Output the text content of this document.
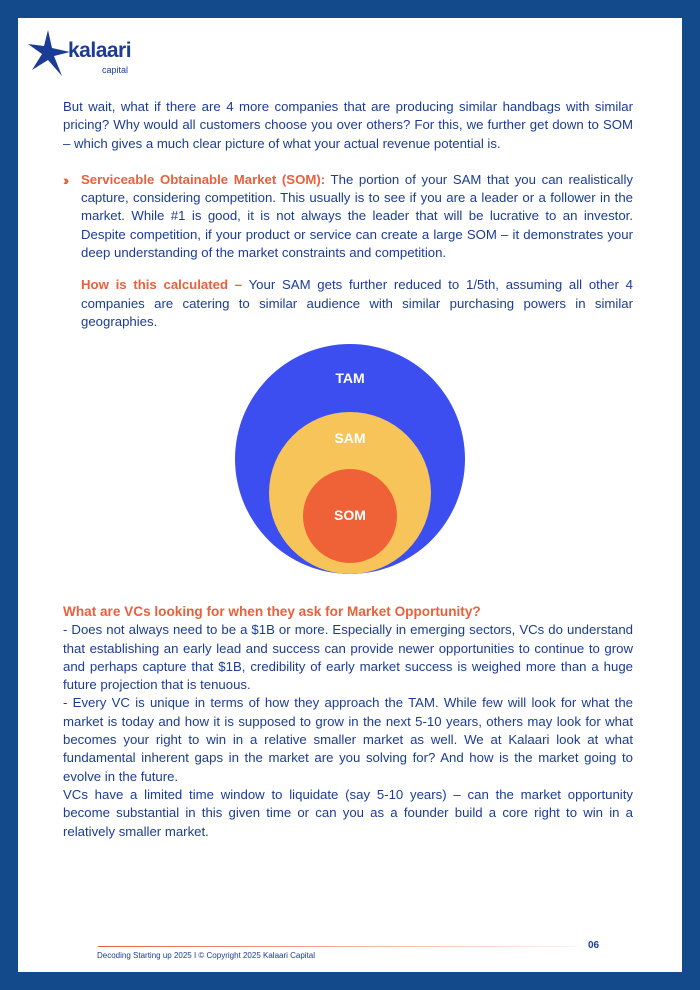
kalaari
capital

But wait, what if there are 4 more companies that are producing similar handbags with similar pricing? Why would all customers choose you over others? For this, we further get down to SOM – which gives a much clear picture of what your actual revenue potential is.

›› Serviceable Obtainable Market (SOM): The portion of your SAM that you can realistically capture, considering competition. This usually is to see if you are a leader or a follower in the market. While #1 is good, it is not always the leader that will be lucrative to an investor. Despite competition, if your product or service can create a large SOM – it demonstrates your deep understanding of the market constraints and competition.

How is this calculated – Your SAM gets further reduced to 1/5th, assuming all other 4 companies are catering to similar audience with similar purchasing powers in similar geographies.

TAM
SAM
SOM
What are VCs looking for when they ask for Market Opportunity?

- Does not always need to be a $1B or more. Especially in emerging sectors, VCs do understand that establishing an early lead and success can provide newer opportunities to continue to grow and perhaps capture that $1B, credibility of early market success is weighed more than a huge future projection that is tenuous.

- Every VC is unique in terms of how they approach the TAM. While few will look for what the market is today and how it is supposed to grow in the next 5-10 years, others may look for what becomes your right to win in a relative smaller market as well. We at Kalaari look at what fundamental inherent gaps in the market are you solving for? And how is the market going to evolve in the future.

VCs have a limited time window to liquidate (say 5-10 years) – can the market opportunity become substantial in this given time or can you as a founder build a core right to win in a relatively smaller market.

06
Decoding Starting up 2025 I © Copyright 2025 Kalaari Capital
